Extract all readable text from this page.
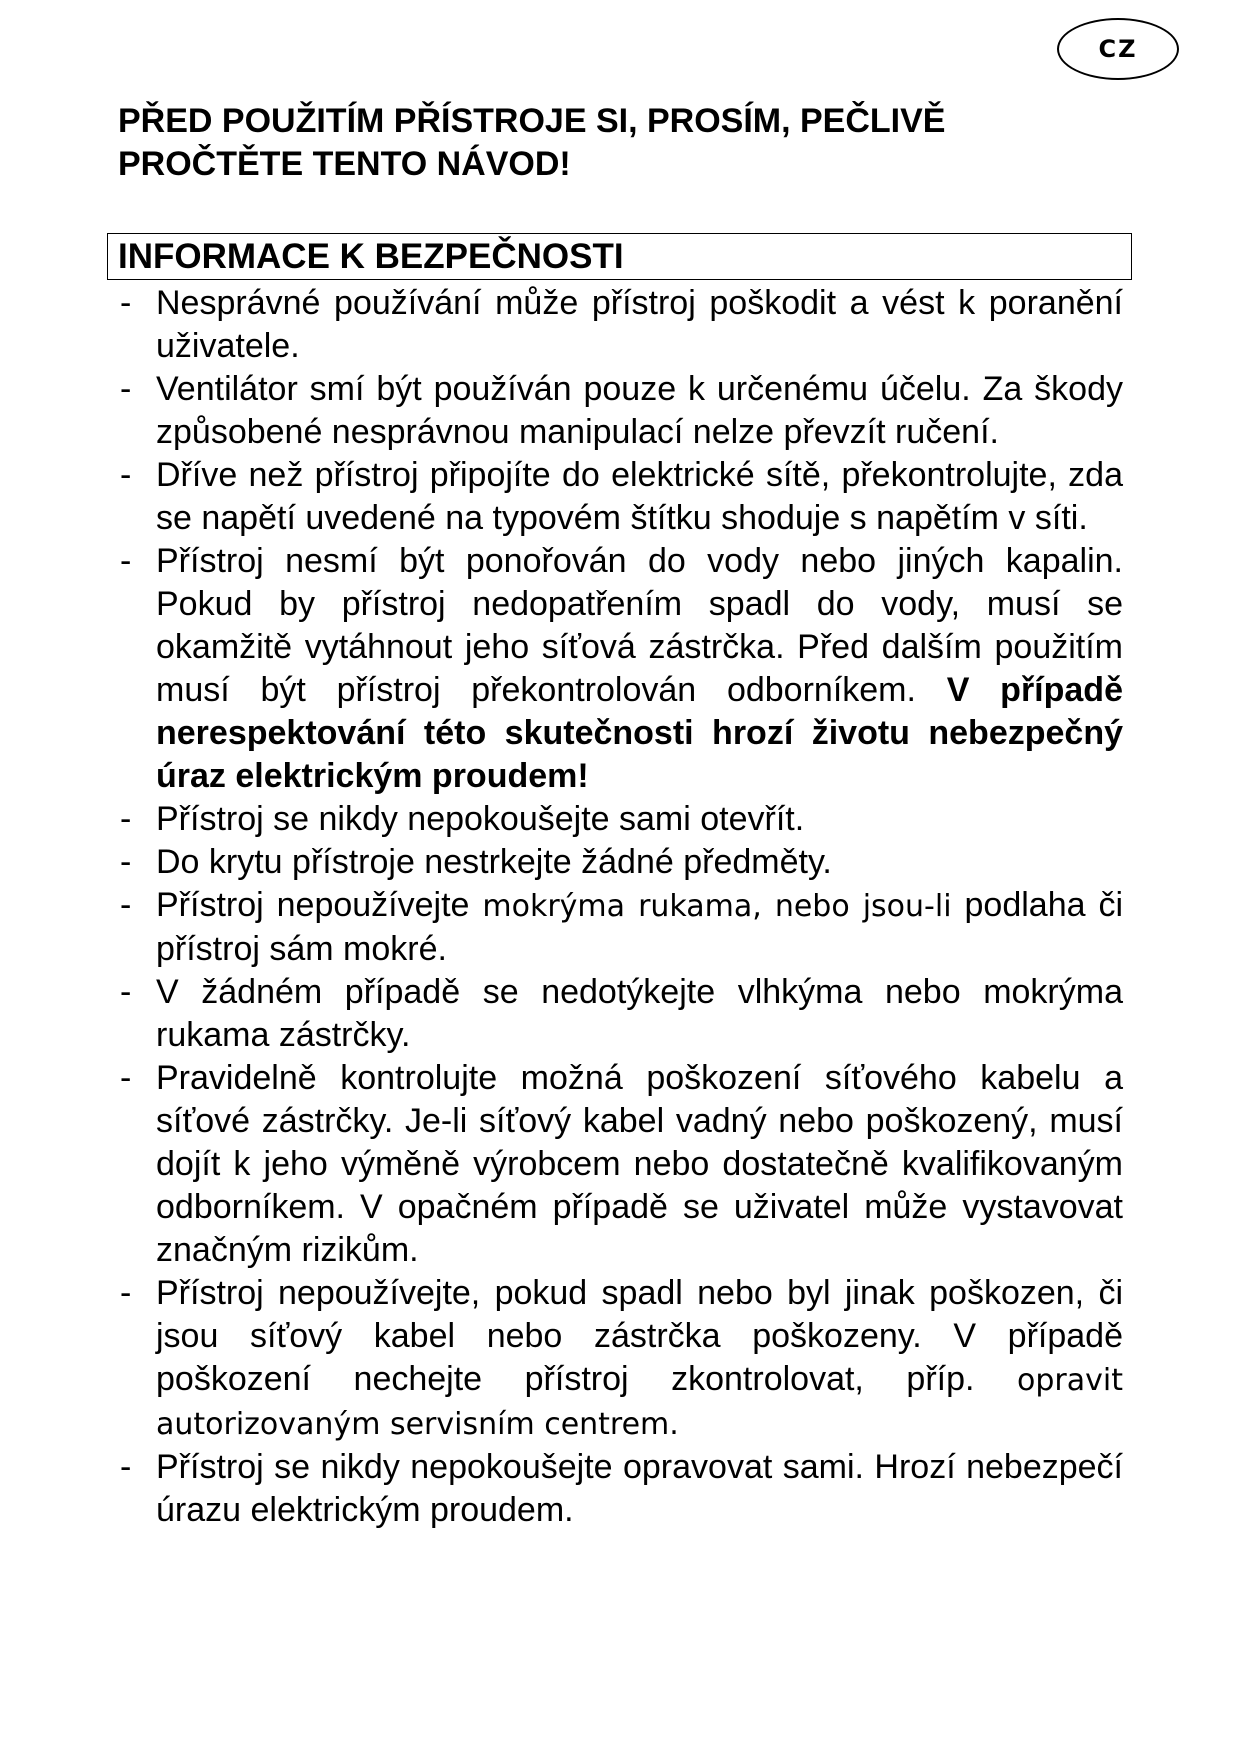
CZ
PŘED POUŽITÍM PŘÍSTROJE SI, PROSÍM, PEČLIVĚ
PROČTĚTE TENTO NÁVOD!
INFORMACE K BEZPEČNOSTI
- Nesprávné používání může přístroj poškodit a vést k poranění uživatele.
- Ventilátor smí být používán pouze k určenému účelu. Za škody způsobené nesprávnou manipulací nelze převzít ručení.
- Dříve než přístroj připojíte do elektrické sítě, překontrolujte, zda se napětí uvedené na typovém štítku shoduje s napětím v síti.
- Přístroj nesmí být ponořován do vody nebo jiných kapalin. Pokud by přístroj nedopatřením spadl do vody, musí se okamžitě vytáhnout jeho síťová zástrčka. Před dalším použitím musí být přístroj překontrolován odborníkem. V případě nerespektování této skutečnosti hrozí životu nebezpečný úraz elektrickým proudem!
- Přístroj se nikdy nepokoušejte sami otevřít.
- Do krytu přístroje nestrkejte žádné předměty.
- Přístroj nepoužívejte mokrýma rukama, nebo jsou-li podlaha či přístroj sám mokré.
- V žádném případě se nedotýkejte vlhkýma nebo mokrýma rukama zástrčky.
- Pravidelně kontrolujte možná poškození síťového kabelu a síťové zástrčky. Je-li síťový kabel vadný nebo poškozený, musí dojít k jeho výměně výrobcem nebo dostatečně kvalifikovaným odborníkem. V opačném případě se uživatel může vystavovat značným rizikům.
- Přístroj nepoužívejte, pokud spadl nebo byl jinak poškozen, či jsou síťový kabel nebo zástrčka poškozeny. V případě poškození nechejte přístroj zkontrolovat, příp. opravit autorizovaným servisním centrem.
- Přístroj se nikdy nepokoušejte opravovat sami. Hrozí nebezpečí úrazu elektrickým proudem.
